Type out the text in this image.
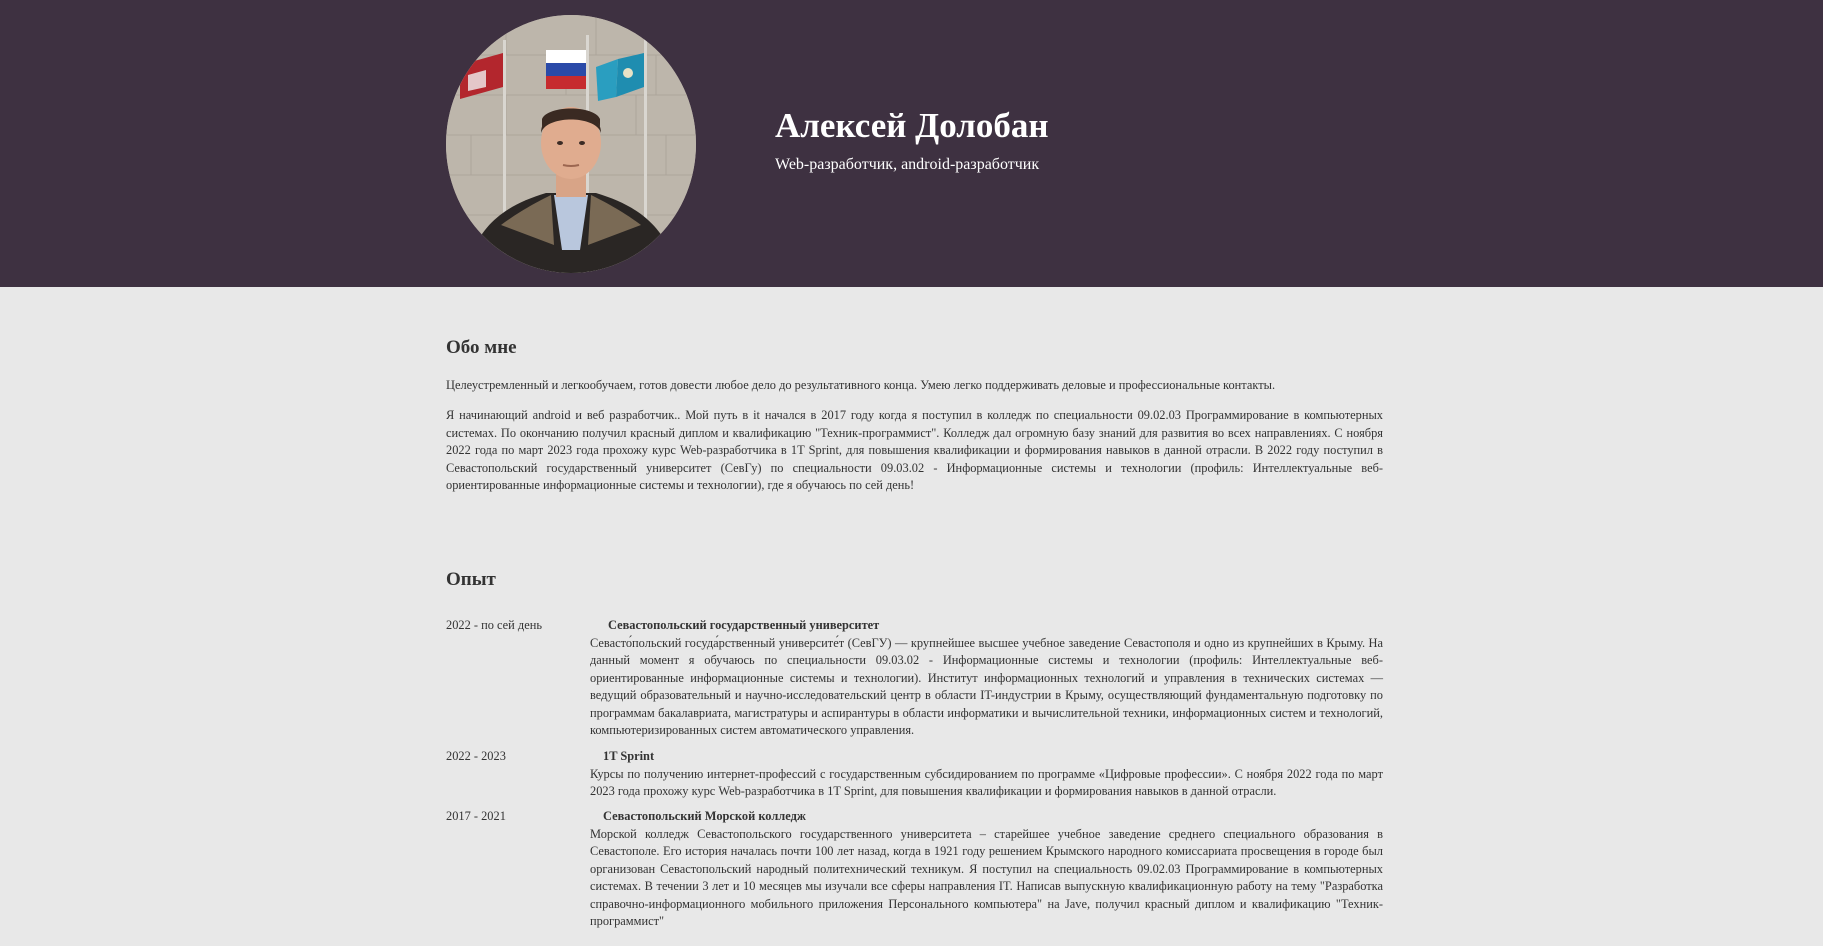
Алексей Долобан

Web-разработчик, android-разработчик

Обо мне

Целеустремленный и легкообучаем, готов довести любое дело до результативного конца. Умею легко поддерживать деловые и профессиональные контакты.

Я начинающий android и веб разработчик.. Мой путь в it начался в 2017 году когда я поступил в колледж по специальности 09.02.03 Программирование в компьютерных системах. По окончанию получил красный диплом и квалификацию "Техник-программист". Колледж дал огромную базу знаний для развития во всех направлениях. С ноября 2022 года по март 2023 года прохожу курс Web-разработчика в 1T Sprint, для повышения квалификации и формирования навыков в данной отрасли. В 2022 году поступил в Севастопольский государственный университет (СевГу) по специальности 09.03.02 - Информационные системы и технологии (профиль: Интеллектуальные веб-ориентированные информационные системы и технологии), где я обучаюсь по сей день!

Опыт
2022 - по сей день	Севастопольский государственный университет

Севасто́польский госуда́рственный университе́т (СевГУ) — крупнейшее высшее учебное заведение Севастополя и одно из крупнейших в Крыму. На данный момент я обучаюсь по специальности 09.03.02 - Информационные системы и технологии (профиль: Интеллектуальные веб-ориентированные информационные системы и технологии). Институт информационных технологий и управления в технических системах — ведущий образовательный и научно-исследовательский центр в области IT-индустрии в Крыму, осуществляющий фундаментальную подготовку по программам бакалавриата, магистратуры и аспирантуры в области информатики и вычислительной техники, информационных систем и технологий, компьютеризированных систем автоматического управления.

2022 - 2023	1T Sprint

Курсы по получению интернет-профессий с государственным субсидированием по программе «Цифровые профессии». С ноября 2022 года по март 2023 года прохожу курс Web-разработчика в 1T Sprint, для повышения квалификации и формирования навыков в данной отрасли.

2017 - 2021	Севастопольский Морской колледж

Морской колледж Севастопольского государственного университета – старейшее учебное заведение среднего специального образования в Севастополе. Его история началась почти 100 лет назад, когда в 1921 году решением Крымского народного комиссариата просвещения в городе был организован Севастопольский народный политехнический техникум. Я поступил на специальность 09.02.03 Программирование в компьютерных системах. В течении 3 лет и 10 месяцев мы изучали все сферы направления IT. Написав выпускную квалификационную работу на тему "Разработка справочно-информационного мобильного приложения Персонального компьютера" на Jave, получил красный диплом и квалификацию "Техник-программист"
